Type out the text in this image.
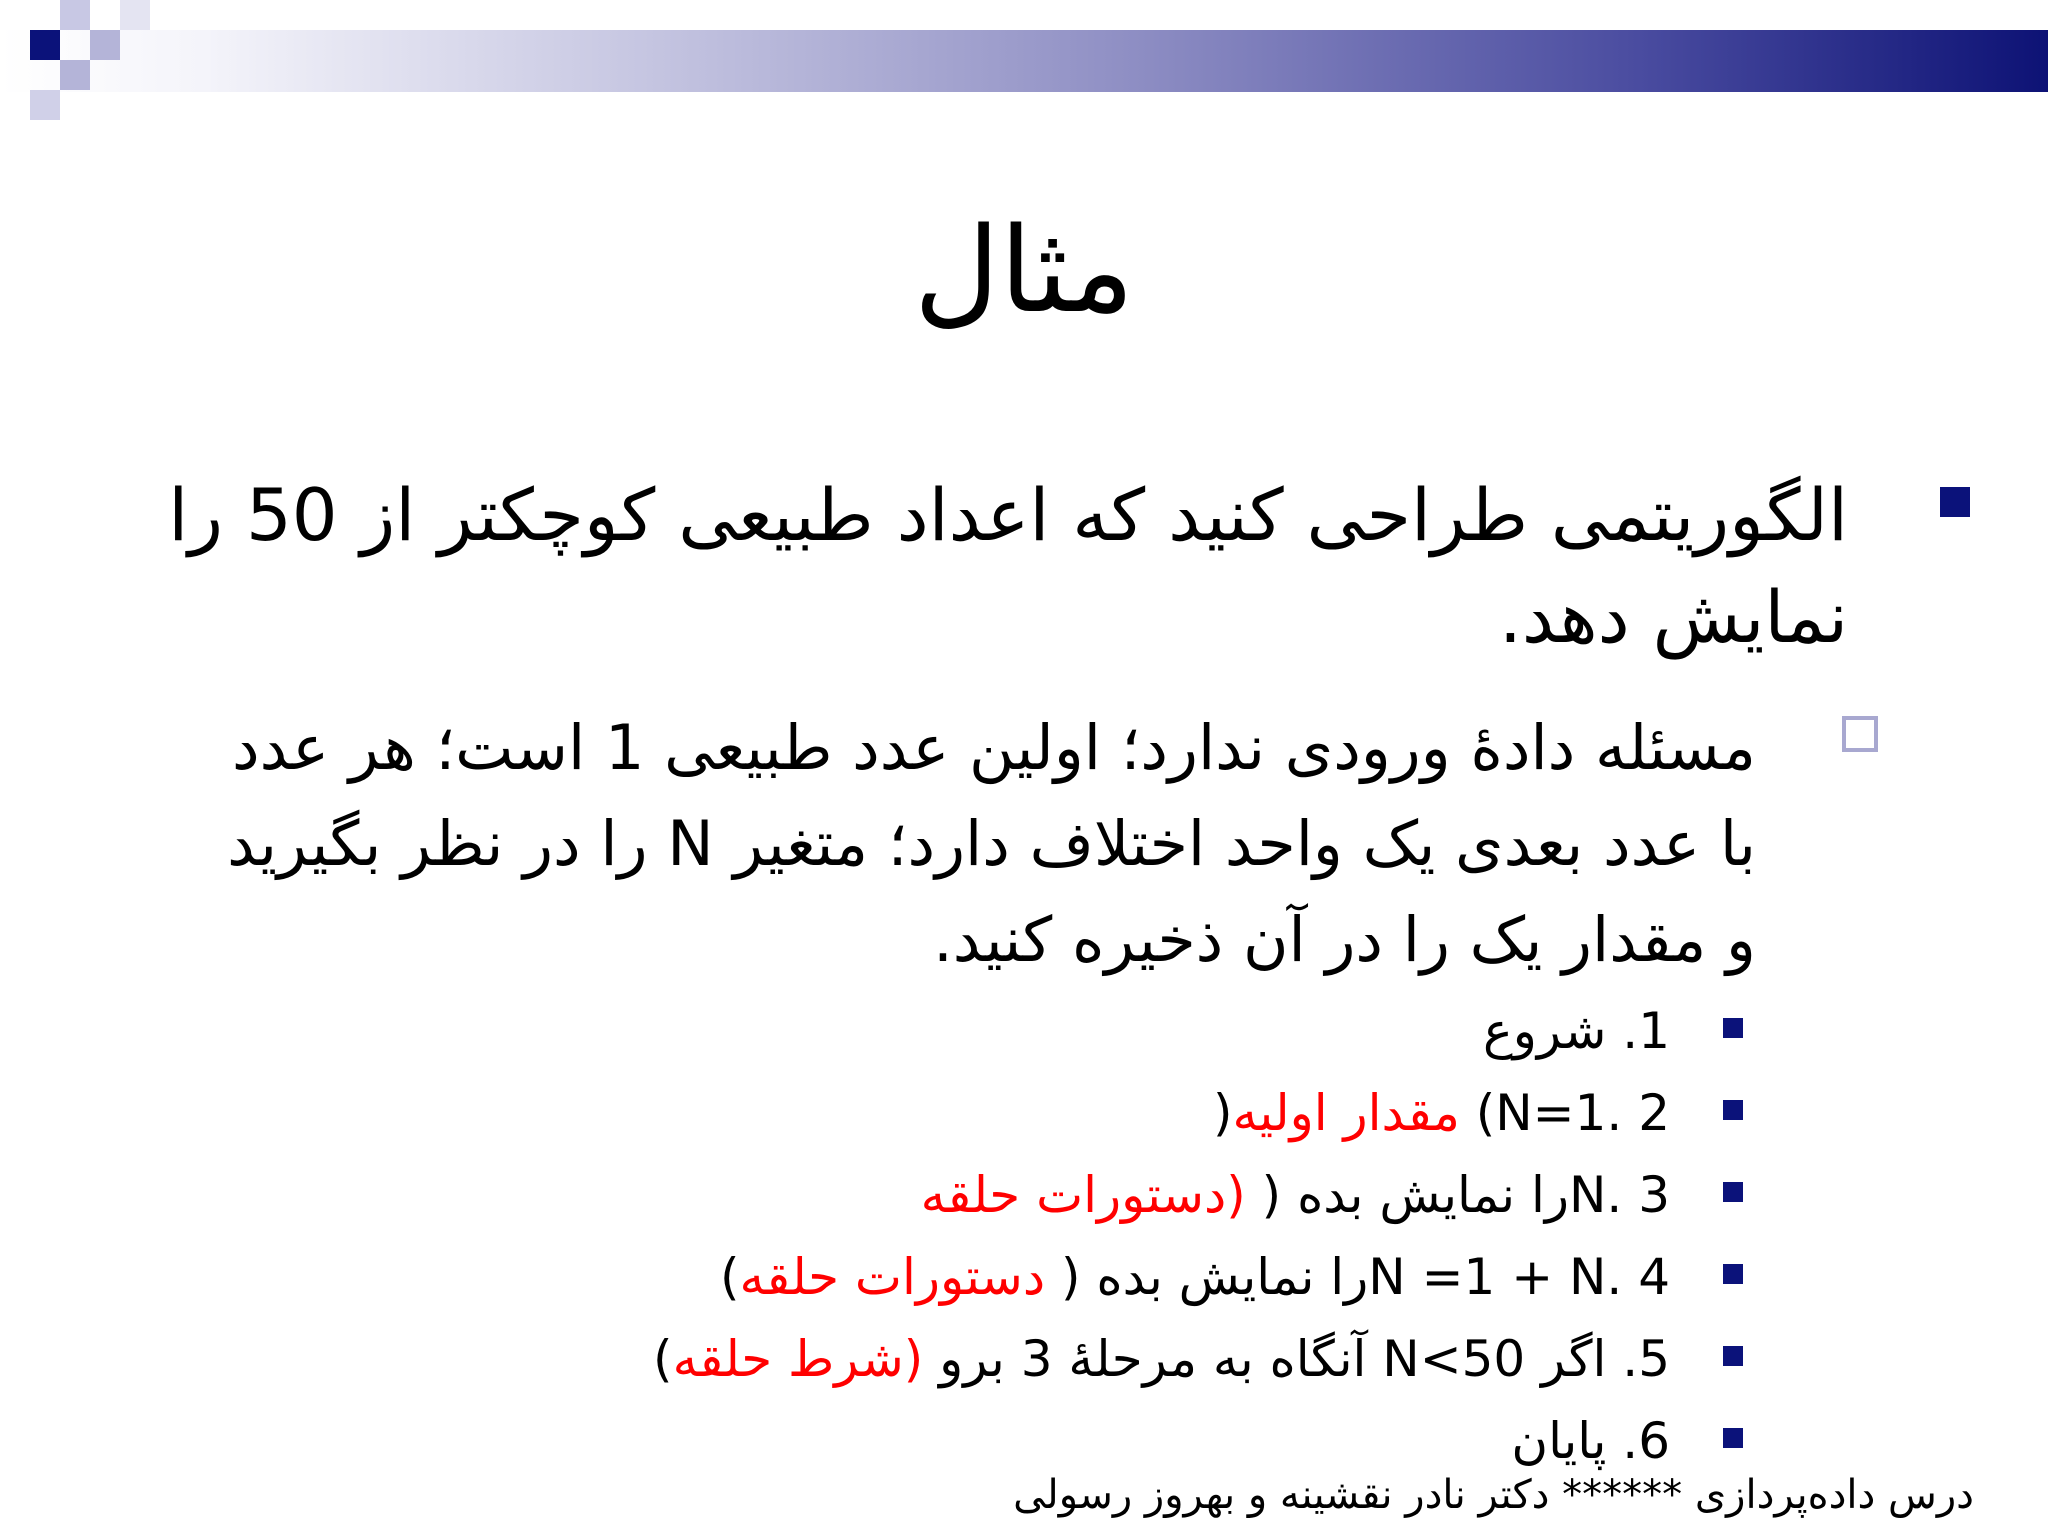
مثال

الگوریتمی طراحی کنید که اعداد طبیعی کوچکتر از 50 را نمایش دهد.

مسئله دادۀ ورودی ندارد؛ اولین عدد طبیعی 1 است؛ هر عدد با عدد بعدی یک واحد اختلاف دارد؛ متغیر N را در نظر بگیرید و مقدار یک را در آن ذخیره کنید.

1. شروع
2 .N=1) مقدار اولیه(
3 .Nرا نمایش بده ( (دستورات حلقه
4 .N =1 + Nرا نمایش بده ( دستورات حلقه)
5. اگر N<50 آنگاه به مرحلۀ 3 برو (شرط حلقه)
6. پایان
درس داده‌پردازی ****** دکتر نادر نقشینه و بهروز رسولی
